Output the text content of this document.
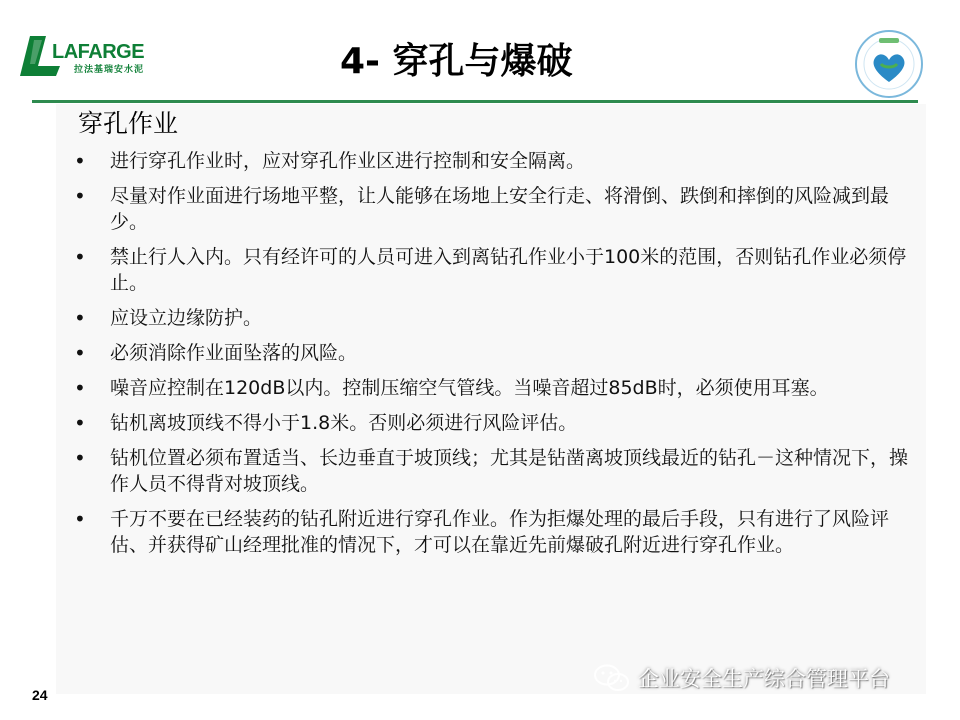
LAFARGE
拉法基瑞安水泥	4- 穿孔与爆破
穿孔作业
• 进行穿孔作业时，应对穿孔作业区进行控制和安全隔离。
• 尽量对作业面进行场地平整，让人能够在场地上安全行走、将滑倒、跌倒和摔倒的风险减到最少。
• 禁止行人入内。只有经许可的人员可进入到离钻孔作业小于100米的范围，否则钻孔作业必须停止。
• 应设立边缘防护。
• 必须消除作业面坠落的风险。
• 噪音应控制在120dB以内。控制压缩空气管线。当噪音超过85dB时，必须使用耳塞。
• 钻机离坡顶线不得小于1.8米。否则必须进行风险评估。
• 钻机位置必须布置适当、长边垂直于坡顶线；尤其是钻凿离坡顶线最近的钻孔－这种情况下，操作人员不得背对坡顶线。
• 千万不要在已经装药的钻孔附近进行穿孔作业。作为拒爆处理的最后手段，只有进行了风险评估、并获得矿山经理批准的情况下，才可以在靠近先前爆破孔附近进行穿孔作业。
24
企业安全生产综合管理平台
